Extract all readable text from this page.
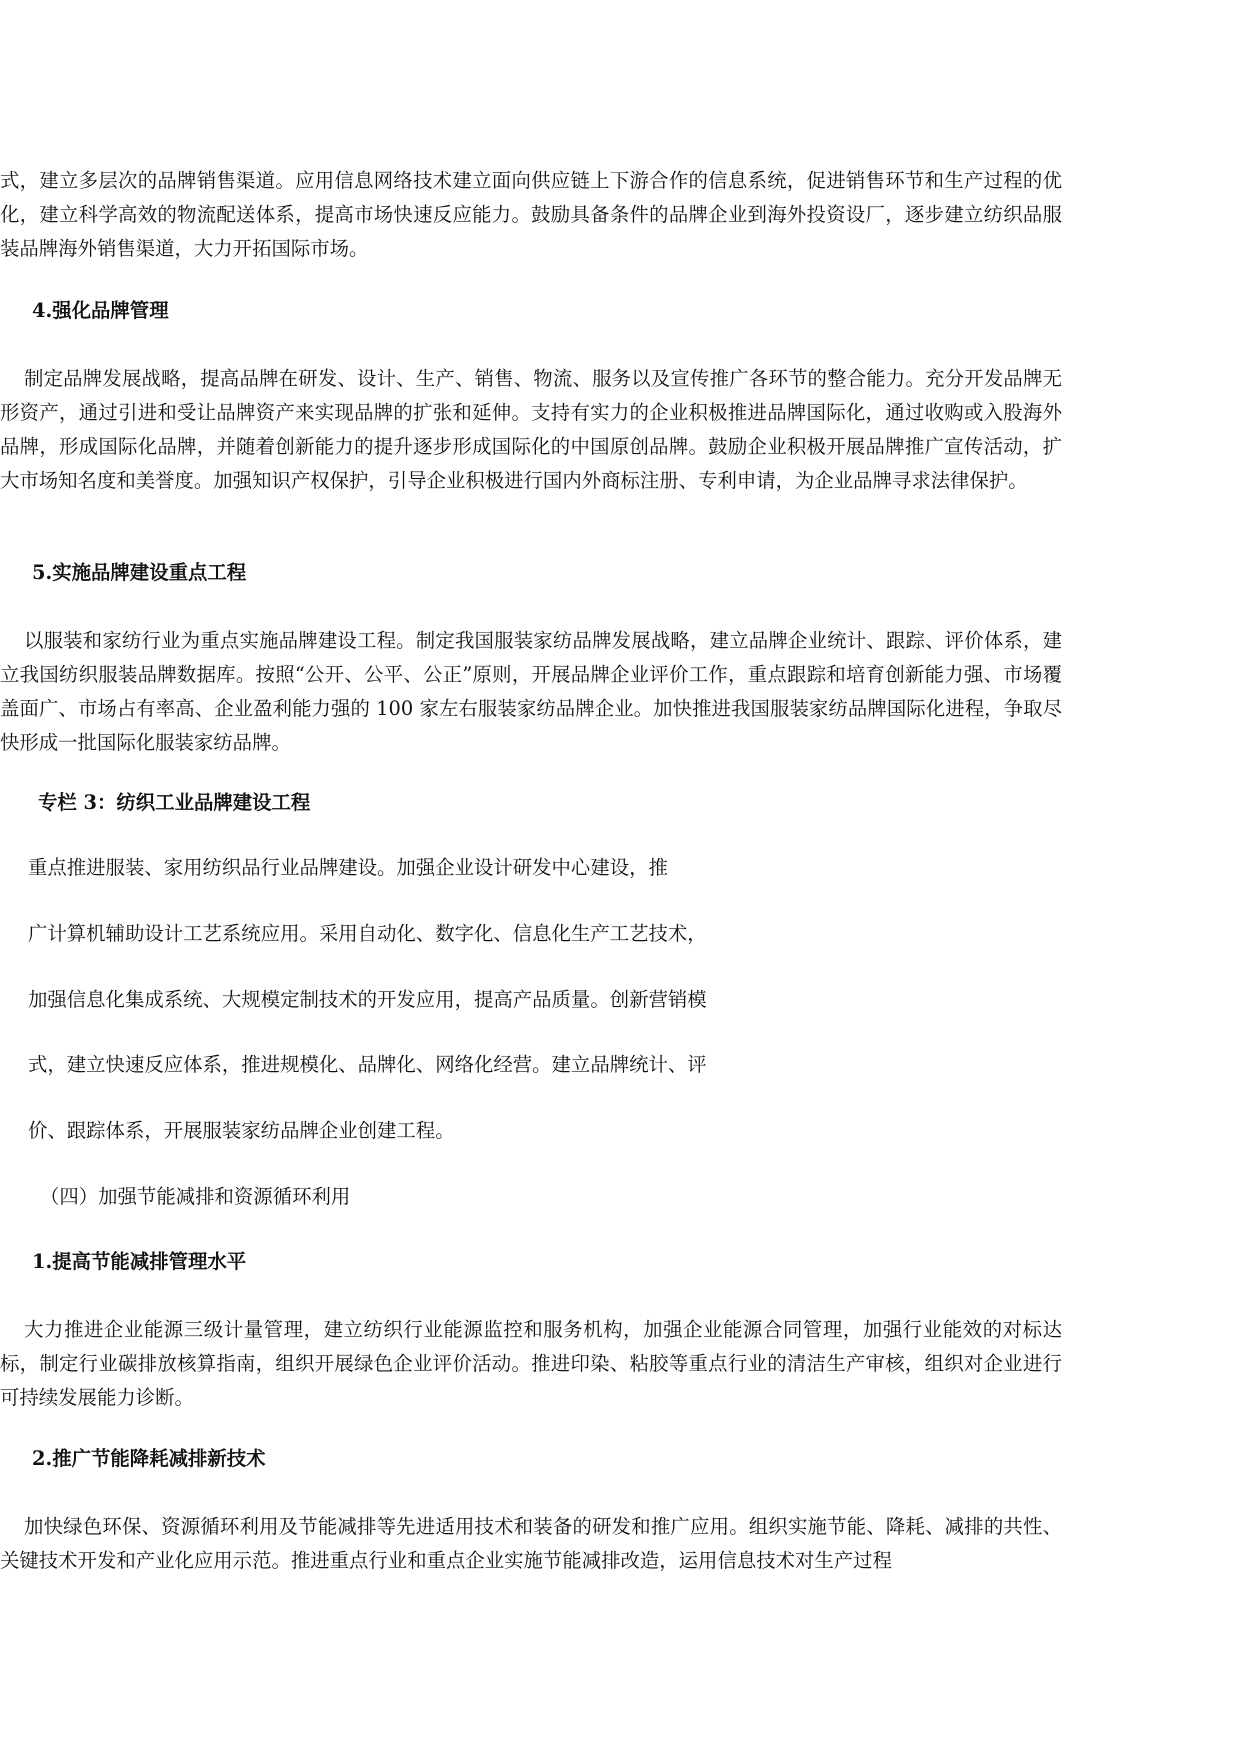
式，建立多层次的品牌销售渠道。应用信息网络技术建立面向供应链上下游合作的信息系统，促进销售环节和生产过程的优化，建立科学高效的物流配送体系，提高市场快速反应能力。鼓励具备条件的品牌企业到海外投资设厂，逐步建立纺织品服装品牌海外销售渠道，大力开拓国际市场。

4.强化品牌管理

制定品牌发展战略，提高品牌在研发、设计、生产、销售、物流、服务以及宣传推广各环节的整合能力。充分开发品牌无形资产，通过引进和受让品牌资产来实现品牌的扩张和延伸。支持有实力的企业积极推进品牌国际化，通过收购或入股海外品牌，形成国际化品牌，并随着创新能力的提升逐步形成国际化的中国原创品牌。鼓励企业积极开展品牌推广宣传活动，扩大市场知名度和美誉度。加强知识产权保护，引导企业积极进行国内外商标注册、专利申请，为企业品牌寻求法律保护。

5.实施品牌建设重点工程

以服装和家纺行业为重点实施品牌建设工程。制定我国服装家纺品牌发展战略，建立品牌企业统计、跟踪、评价体系，建立我国纺织服装品牌数据库。按照“公开、公平、公正”原则，开展品牌企业评价工作，重点跟踪和培育创新能力强、市场覆盖面广、市场占有率高、企业盈利能力强的 100 家左右服装家纺品牌企业。加快推进我国服装家纺品牌国际化进程，争取尽快形成一批国际化服装家纺品牌。

专栏 3：纺织工业品牌建设工程

重点推进服装、家用纺织品行业品牌建设。加强企业设计研发中心建设，推

广计算机辅助设计工艺系统应用。采用自动化、数字化、信息化生产工艺技术，

加强信息化集成系统、大规模定制技术的开发应用，提高产品质量。创新营销模

式，建立快速反应体系，推进规模化、品牌化、网络化经营。建立品牌统计、评

价、跟踪体系，开展服装家纺品牌企业创建工程。

（四）加强节能减排和资源循环利用

1.提高节能减排管理水平

大力推进企业能源三级计量管理，建立纺织行业能源监控和服务机构，加强企业能源合同管理，加强行业能效的对标达标，制定行业碳排放核算指南，组织开展绿色企业评价活动。推进印染、粘胶等重点行业的清洁生产审核，组织对企业进行可持续发展能力诊断。

2.推广节能降耗减排新技术

加快绿色环保、资源循环利用及节能减排等先进适用技术和装备的研发和推广应用。组织实施节能、降耗、减排的共性、关键技术开发和产业化应用示范。推进重点行业和重点企业实施节能减排改造，运用信息技术对生产过程
